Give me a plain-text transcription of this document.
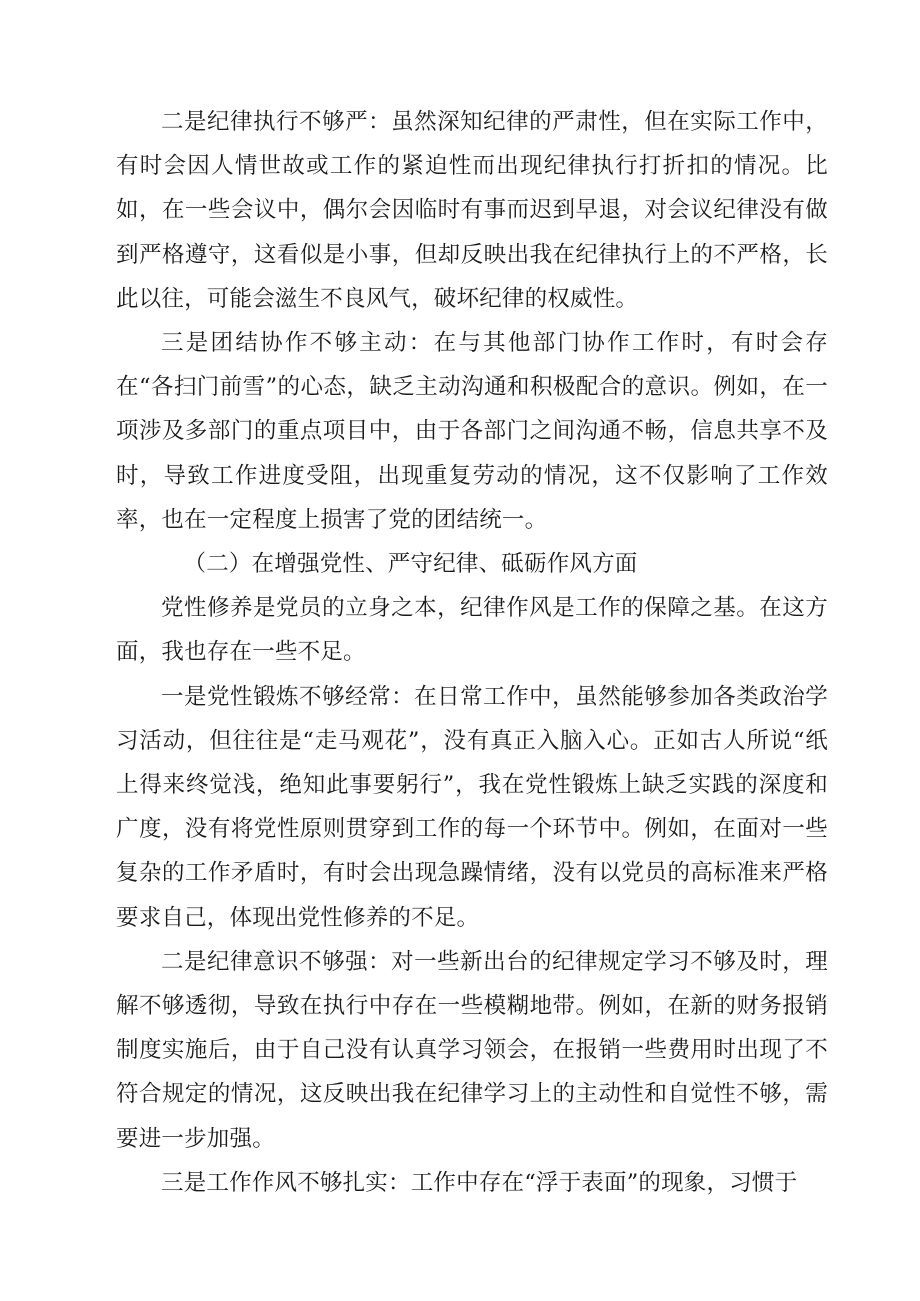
二是纪律执行不够严：虽然深知纪律的严肃性，但在实际工作中，有时会因人情世故或工作的紧迫性而出现纪律执行打折扣的情况。比如，在一些会议中，偶尔会因临时有事而迟到早退，对会议纪律没有做到严格遵守，这看似是小事，但却反映出我在纪律执行上的不严格，长此以往，可能会滋生不良风气，破坏纪律的权威性。

三是团结协作不够主动：在与其他部门协作工作时，有时会存在“各扫门前雪”的心态，缺乏主动沟通和积极配合的意识。例如，在一项涉及多部门的重点项目中，由于各部门之间沟通不畅，信息共享不及时，导致工作进度受阻，出现重复劳动的情况，这不仅影响了工作效率，也在一定程度上损害了党的团结统一。

（二）在增强党性、严守纪律、砥砺作风方面

党性修养是党员的立身之本，纪律作风是工作的保障之基。在这方面，我也存在一些不足。

一是党性锻炼不够经常：在日常工作中，虽然能够参加各类政治学习活动，但往往是“走马观花”，没有真正入脑入心。正如古人所说“纸上得来终觉浅，绝知此事要躬行”，我在党性锻炼上缺乏实践的深度和广度，没有将党性原则贯穿到工作的每一个环节中。例如，在面对一些复杂的工作矛盾时，有时会出现急躁情绪，没有以党员的高标准来严格要求自己，体现出党性修养的不足。

二是纪律意识不够强：对一些新出台的纪律规定学习不够及时，理解不够透彻，导致在执行中存在一些模糊地带。例如，在新的财务报销制度实施后，由于自己没有认真学习领会，在报销一些费用时出现了不符合规定的情况，这反映出我在纪律学习上的主动性和自觉性不够，需要进一步加强。

三是工作作风不够扎实：工作中存在“浮于表面”的现象，习惯于
